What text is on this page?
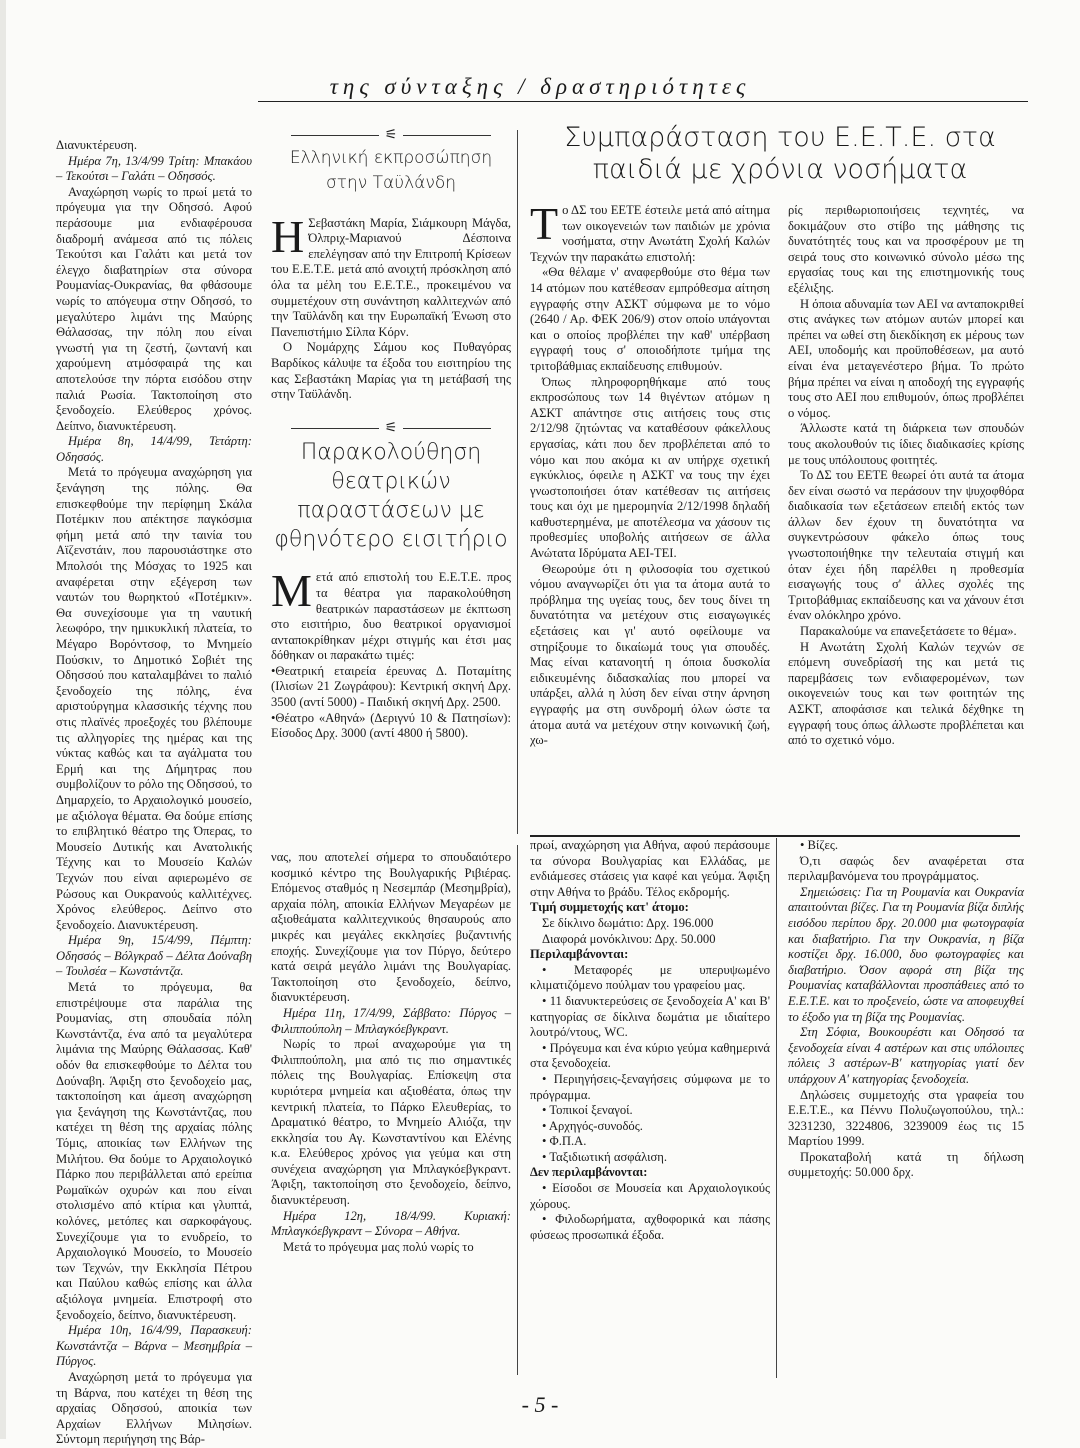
της σύνταξης / δραστηριότητες

Διανυκτέρευση.

Ημέρα 7η, 13/4/99 Τρίτη: Μπακάου – Τεκούτσι – Γαλάτι – Οδησσός.

Αναχώρηση νωρίς το πρωί μετά το πρόγευμα για την Οδησσό. Αφού περάσουμε μια ενδιαφέρουσα διαδρομή ανάμεσα από τις πόλεις Τεκούτσι και Γαλάτι και μετά τον έλεγχο διαβατηρίων στα σύνορα Ρουμανίας-Ουκρανίας, θα φθάσουμε νωρίς το απόγευμα στην Οδησσό, το μεγαλύτερο λιμάνι της Μαύρης Θάλασσας, την πόλη που είναι γνωστή για τη ζεστή, ζωντανή και χαρούμενη ατμόσφαιρά της και αποτελούσε την πόρτα εισόδου στην παλιά Ρωσία. Τακτοποίηση στο ξενοδοχείο. Ελεύθερος χρόνος. Δείπνο, διανυκτέρευση.

Ημέρα 8η, 14/4/99, Τετάρτη: Οδησσός.

Μετά το πρόγευμα αναχώρηση για ξενάγηση της πόλης. Θα επισκεφθούμε την περίφημη Σκάλα Ποτέμκιν που απέκτησε παγκόσμια φήμη μετά από την ταινία του Αϊζενστάιν, που παρουσιάστηκε στο Μπολσόι της Μόσχας το 1925 και αναφέρεται στην εξέγερση των ναυτών του θωρηκτού «Ποτέμκιν». Θα συνεχίσουμε για τη ναυτική λεωφόρο, την ημικυκλική πλατεία, το Μέγαρο Βορόντσοφ, το Μνημείο Πούσκιν, το Δημοτικό Σοβιέτ της Οδησσού που καταλαμβάνει το παλιό ξενοδοχείο της πόλης, ένα αριστούργημα κλασσικής τέχνης που στις πλαϊνές προεξοχές του βλέπουμε τις αλληγορίες της ημέρας και της νύκτας καθώς και τα αγάλματα του Ερμή και της Δήμητρας που συμβολίζουν το ρόλο της Οδησσού, το Δημαρχείο, το Αρχαιολογικό μουσείο, με αξιόλογα θέματα. Θα δούμε επίσης το επιβλητικό θέατρο της Όπερας, το Μουσείο Δυτικής και Ανατολικής Τέχνης και το Μουσείο Καλών Τεχνών που είναι αφιερωμένο σε Ρώσους και Ουκρανούς καλλιτέχνες. Χρόνος ελεύθερος. Δείπνο στο ξενοδοχείο. Διανυκτέρευση.

Ημέρα 9η, 15/4/99, Πέμπτη: Οδησσός – Βόλγκραδ – Δέλτα Δούναβη – Τουλσέα – Κωνστάντζα.

Μετά το πρόγευμα, θα επιστρέψουμε στα παράλια της Ρουμανίας, στη σπουδαία πόλη Κωνστάντζα, ένα από τα μεγαλύτερα λιμάνια της Μαύρης Θάλασσας. Καθ' οδόν θα επισκεφθούμε το Δέλτα του Δούναβη. Άφιξη στο ξενοδοχείο μας, τακτοποίηση και άμεση αναχώρηση για ξενάγηση της Κωνστάντζας, που κατέχει τη θέση της αρχαίας πόλης Τόμις, αποικίας των Ελλήνων της Μιλήτου. Θα δούμε το Αρχαιολογικό Πάρκο που περιβάλλεται από ερείπια Ρωμαϊκών οχυρών και που είναι στολισμένο από κτίρια και γλυπτά, κολόνες, μετόπες και σαρκοφάγους. Συνεχίζουμε για το ενυδρείο, το Αρχαιολογικό Μουσείο, το Μουσείο των Τεχνών, την Εκκλησία Πέτρου και Παύλου καθώς επίσης και άλλα αξιόλογα μνημεία. Επιστροφή στο ξενοδοχείο, δείπνο, διανυκτέρευση.

Ημέρα 10η, 16/4/99, Παρασκευή: Κωνστάντζα – Βάρνα – Μεσημβρία – Πύργος.

Αναχώρηση μετά το πρόγευμα για τη Βάρνα, που κατέχει τη θέση της αρχαίας Οδησσού, αποικία των Αρχαίων Ελλήνων Μιλησίων. Σύντομη περιήγηση της Βάρ-

⚟
Ελληνική εκπροσώπηση στην Ταϋλάνδη

Η Σεβαστάκη Μαρία, Σιάμκουρη Μάγδα, Όλπριχ-Μαριανού Δέσποινα επελέγησαν από την Επιτροπή Κρίσεων του Ε.Ε.Τ.Ε. μετά από ανοιχτή πρόσκληση από όλα τα μέλη του Ε.Ε.Τ.Ε., προκειμένου να συμμετέχουν στη συνάντηση καλλιτεχνών από την Ταϋλάνδη και την Ευρωπαϊκή Ένωση στο Πανεπιστήμιο Σίλπα Κόρν.

Ο Νομάρχης Σάμου κος Πυθαγόρας Βαρδίκος κάλυψε τα έξοδα του εισιτηρίου της κας Σεβαστάκη Μαρίας για τη μετάβασή της στην Ταϋλάνδη.

⚟
Παρακολούθηση θεατρικών παραστάσεων με φθηνότερο εισιτήριο

Μετά από επιστολή του Ε.Ε.Τ.Ε. προς τα θέατρα για παρακολούθηση θεατρικών παραστάσεων με έκπτωση στο εισιτήριο, δυο θεατρικοί οργανισμοί ανταποκρίθηκαν μέχρι στιγμής και έτσι μας δόθηκαν οι παρακάτω τιμές:

•Θεατρική εταιρεία έρευνας Δ. Ποταμίτης (Ιλισίων 21 Ζωγράφου): Κεντρική σκηνή Δρχ. 3500 (αντί 5000) - Παιδική σκηνή Δρχ. 2500.

•Θέατρο «Αθηνά» (Δεριγνύ 10 & Πατησίων): Είσοδος Δρχ. 3000 (αντί 4800 ή 5800).

Συμπαράσταση του Ε.Ε.Τ.Ε. στα παιδιά με χρόνια νοσήματα

Το ΔΣ του ΕΕΤΕ έστειλε μετά από αίτημα των οικογενειών των παιδιών με χρόνια νοσήματα, στην Ανωτάτη Σχολή Καλών Τεχνών την παρακάτω επιστολή:

«Θα θέλαμε ν' αναφερθούμε στο θέμα των 14 ατόμων που κατέθεσαν εμπρόθεσμα αίτηση εγγραφής στην ΑΣΚΤ σύμφωνα με το νόμο (2640 / Αρ. ΦΕΚ 206/9) στον οποίο υπάγονται και ο οποίος προβλέπει την καθ' υπέρβαση εγγραφή τους σ' οποιοδήποτε τμήμα της τριτοβάθμιας εκπαίδευσης επιθυμούν.

Όπως πληροφορηθήκαμε από τους εκπροσώπους των 14 θιγέντων ατόμων η ΑΣΚΤ απάντησε στις αιτήσεις τους στις 2/12/98 ζητώντας να καταθέσουν φάκελλους εργασίας, κάτι που δεν προβλέπεται από το νόμο και που ακόμα κι αν υπήρχε σχετική εγκύκλιος, όφειλε η ΑΣΚΤ να τους την έχει γνωστοποιήσει όταν κατέθεσαν τις αιτήσεις τους και όχι με ημερομηνία 2/12/1998 δηλαδή καθυστερημένα, με αποτέλεσμα να χάσουν τις προθεσμίες υποβολής αιτήσεων σε άλλα Ανώτατα Ιδρύματα ΑΕΙ-ΤΕΙ.

Θεωρούμε ότι η φιλοσοφία του σχετικού νόμου αναγνωρίζει ότι για τα άτομα αυτά το πρόβλημα της υγείας τους, δεν τους δίνει τη δυνατότητα να μετέχουν στις εισαγωγικές εξετάσεις και γι' αυτό οφείλουμε να στηρίξουμε το δικαίωμά τους για σπουδές. Μας είναι κατανοητή η όποια δυσκολία ειδικευμένης διδασκαλίας που μπορεί να υπάρξει, αλλά η λύση δεν είναι στην άρνηση εγγραφής μα στη συνδρομή όλων ώστε τα άτομα αυτά να μετέχουν στην κοινωνική ζωή, χω-

ρίς περιθωριοποιήσεις τεχνητές, να δοκιμάζουν στο στίβο της μάθησης τις δυνατότητές τους και να προσφέρουν με τη σειρά τους στο κοινωνικό σύνολο μέσω της εργασίας τους και της επιστημονικής τους εξέλιξης.

Η όποια αδυναμία των ΑΕΙ να ανταποκριθεί στις ανάγκες των ατόμων αυτών μπορεί και πρέπει να ωθεί στη διεκδίκηση εκ μέρους των ΑΕΙ, υποδομής και προϋποθέσεων, μα αυτό είναι ένα μεταγενέστερο βήμα. Το πρώτο βήμα πρέπει να είναι η αποδοχή της εγγραφής τους στο ΑΕΙ που επιθυμούν, όπως προβλέπει ο νόμος.

Άλλωστε κατά τη διάρκεια των σπουδών τους ακολουθούν τις ίδιες διαδικασίες κρίσης με τους υπόλοιπους φοιτητές.

Το ΔΣ του ΕΕΤΕ θεωρεί ότι αυτά τα άτομα δεν είναι σωστό να περάσουν την ψυχοφθόρα διαδικασία των εξετάσεων επειδή εκτός των άλλων δεν έχουν τη δυνατότητα να συγκεντρώσουν φάκελο όπως τους γνωστοποιήθηκε την τελευταία στιγμή και όταν έχει ήδη παρέλθει η προθεσμία εισαγωγής τους σ' άλλες σχολές της Τριτοβάθμιας εκπαίδευσης και να χάνουν έτσι έναν ολόκληρο χρόνο.

Παρακαλούμε να επανεξετάσετε το θέμα».

Η Ανωτάτη Σχολή Καλών τεχνών σε επόμενη συνεδρίασή της και μετά τις παρεμβάσεις των ενδιαφερομένων, των οικογενειών τους και των φοιτητών της ΑΣΚΤ, αποφάσισε και τελικά δέχθηκε τη εγγραφή τους όπως άλλωστε προβλέπεται και από το σχετικό νόμο.

νας, που αποτελεί σήμερα το σπουδαιότερο κοσμικό κέντρο της Βουλγαρικής Ριβιέρας. Επόμενος σταθμός η Νεσεμπάρ (Μεσημβρία), αρχαία πόλη, αποικία Ελλήνων Μεγαρέων με αξιοθεάματα καλλιτεχνικούς θησαυρούς απο μικρές και μεγάλες εκκλησίες βυζαντινής εποχής. Συνεχίζουμε για τον Πύργο, δεύτερο κατά σειρά μεγάλο λιμάνι της Βουλγαρίας. Τακτοποίηση στο ξενοδοχείο, δείπνο, διανυκτέρευση.

Ημέρα 11η, 17/4/99, Σάββατο: Πύργος – Φιλιππούπολη – Μπλαγκόεβγκραντ.

Νωρίς το πρωί αναχωρούμε για τη Φιλιππούπολη, μια από τις πιο σημαντικές πόλεις της Βουλγαρίας. Επίσκεψη στα κυριότερα μνημεία και αξιοθέατα, όπως την κεντρική πλατεία, το Πάρκο Ελευθερίας, το Δραματικό θέατρο, το Μνημείο Αλιόζα, την εκκλησία του Αγ. Κωνσταντίνου και Ελένης κ.α. Ελεύθερος χρόνος για γεύμα και στη συνέχεια αναχώρηση για Μπλαγκόεβγκραντ. Άφιξη, τακτοποίηση στο ξενοδοχείο, δείπνο, διανυκτέρευση.

Ημέρα 12η, 18/4/99. Κυριακή: Μπλαγκόεβγκραντ – Σύνορα – Αθήνα.

Μετά το πρόγευμα μας πολύ νωρίς το

πρωί, αναχώρηση για Αθήνα, αφού περάσουμε τα σύνορα Βουλγαρίας και Ελλάδας, με ενδιάμεσες στάσεις για καφέ και γεύμα. Άφιξη στην Αθήνα το βράδυ. Τέλος εκδρομής.

Τιμή συμμετοχής κατ' άτομο:

Σε δίκλινο δωμάτιο: Δρχ. 196.000

Διαφορά μονόκλινου: Δρχ. 50.000

Περιλαμβάνονται:

• Μεταφορές με υπερυψωμένο κλιματιζόμενο πούλμαν του γραφείου μας.

• 11 διανυκτερεύσεις σε ξενοδοχεία Α' και Β' κατηγορίας σε δίκλινα δωμάτια με ιδιαίτερο λουτρό/ντους, WC.

• Πρόγευμα και ένα κύριο γεύμα καθημερινά στα ξενοδοχεία.

• Περιηγήσεις-ξεναγήσεις σύμφωνα με το πρόγραμμα.

• Τοπικοί ξεναγοί.

• Αρχηγός-συνοδός.

• Φ.Π.Α.

• Ταξιδιωτική ασφάλιση.

Δεν περιλαμβάνονται:

• Είσοδοι σε Μουσεία και Αρχαιολογικούς χώρους.

• Φιλοδωρήματα, αχθοφορικά και πάσης φύσεως προσωπικά έξοδα.

• Βίζες.

Ό,τι σαφώς δεν αναφέρεται στα περιλαμβανόμενα του προγράμματος.

Σημειώσεις: Για τη Ρουμανία και Ουκρανία απαιτούνται βίζες. Για τη Ρουμανία βίζα διπλής εισόδου περίπου δρχ. 20.000 μια φωτογραφία και διαβατήριο. Για την Ουκρανία, η βίζα κοστίζει δρχ. 16.000, δυο φωτογραφίες και διαβατήριο. Όσον αφορά στη βίζα της Ρουμανίας καταβάλλονται προσπάθειες από το Ε.Ε.Τ.Ε. και το προξενείο, ώστε να αποφευχθεί το έξοδο για τη βίζα της Ρουμανίας.

Στη Σόφια, Βουκουρέστι και Οδησσό τα ξενοδοχεία είναι 4 αστέρων και στις υπόλοιπες πόλεις 3 αστέρων-Β' κατηγορίας γιατί δεν υπάρχουν Α' κατηγορίας ξενοδοχεία.

Δηλώσεις συμμετοχής στα γραφεία του Ε.Ε.Τ.Ε., κα Πέννυ Πολυζωγοπούλου, τηλ.: 3231230, 3224806, 3239009 έως τις 15 Μαρτίου 1999.

Προκαταβολή κατά τη δήλωση συμμετοχής: 50.000 δρχ.

- 5 -
